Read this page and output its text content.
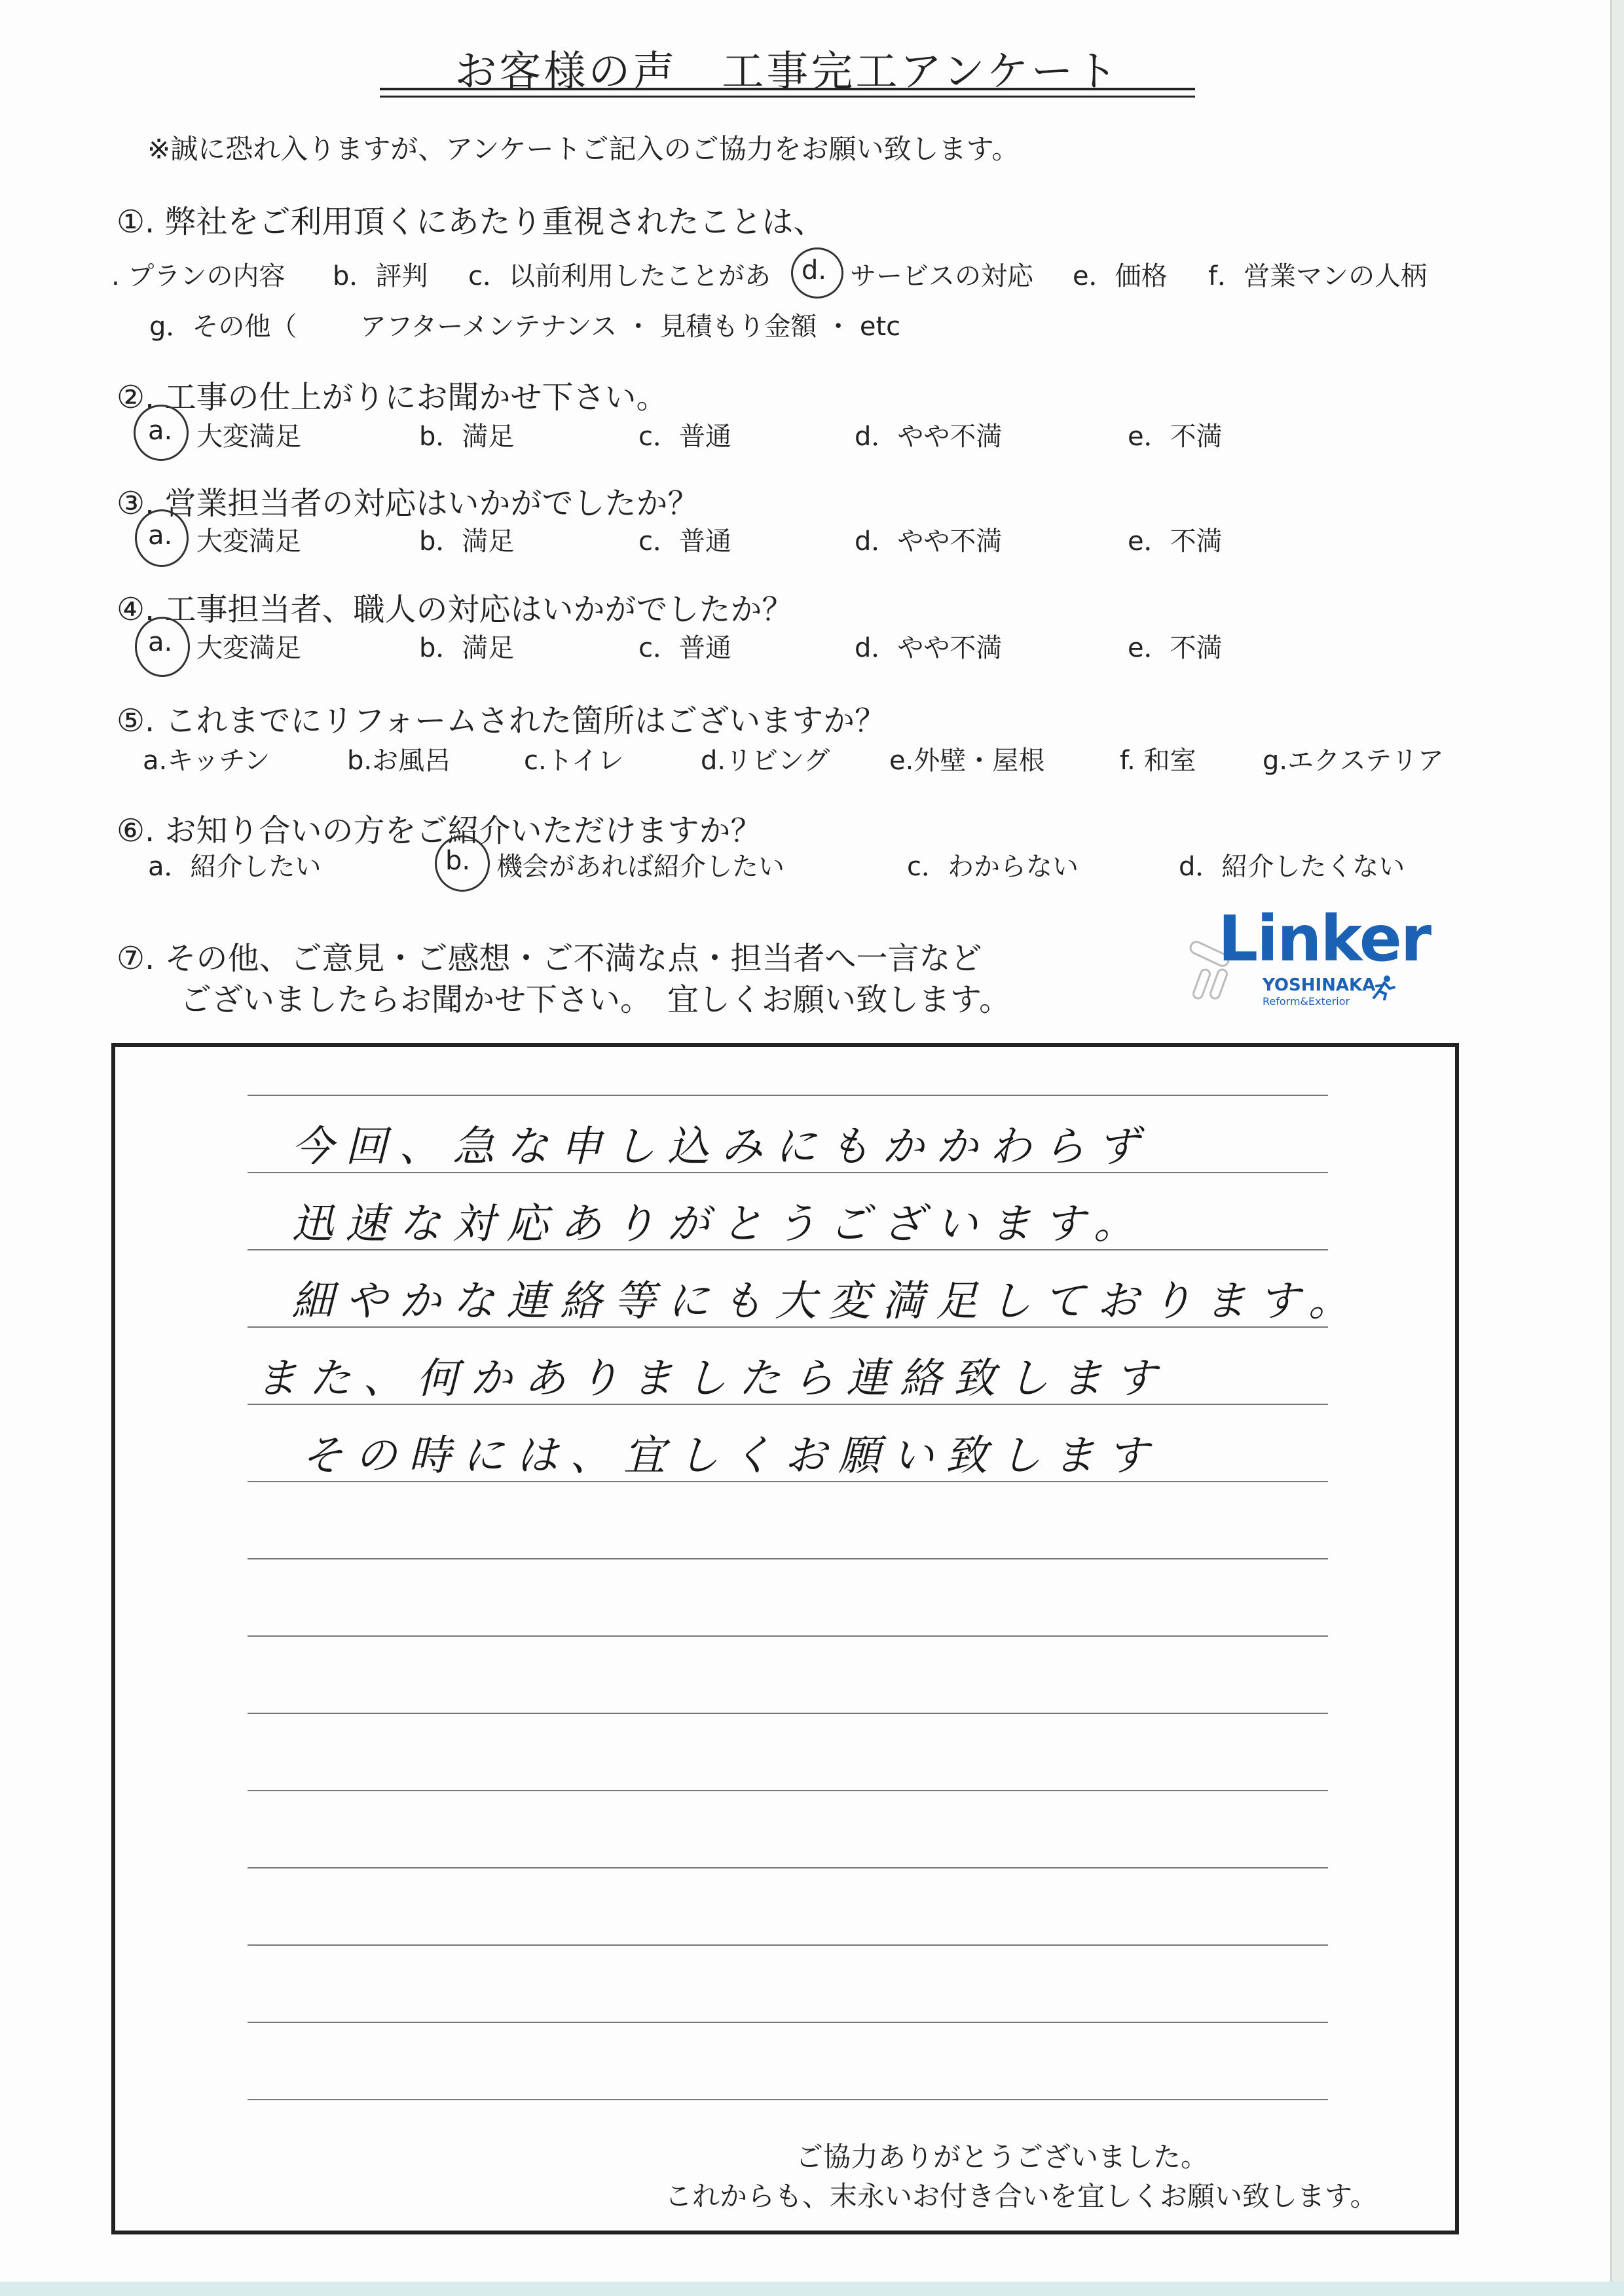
お客様の声　工事完工アンケート
※誠に恐れ入りますが、アンケートご記入のご協力をお願い致します。
①. 弊社をご利用頂くにあたり重視されたことは、
. プランの内容 b．評判 c．以前利用したことがあ d. サービスの対応 e．価格 f．営業マンの人柄
g．その他（ アフターメンテナンス ・ 見積もり金額 ・ etc
②. 工事の仕上がりにお聞かせ下さい。
a. 大変満足	b．満足	c．普通	d．やや不満	e．不満
③. 営業担当者の対応はいかがでしたか？
a. 大変満足	b．満足	c．普通	d．やや不満	e．不満
④. 工事担当者、職人の対応はいかがでしたか？
a. 大変満足	b．満足	c．普通	d．やや不満	e．不満
⑤. これまでにリフォームされた箇所はございますか？
a.キッチン	b.お風呂	c.トイレ	d.リビング e.外壁・屋根	f. 和室	g.エクステリア
⑥. お知り合いの方をご紹介いただけますか？
a．紹介したい	b. 機会があれば紹介したい	c．わからない	d．紹介したくない
⑦. その他、ご意見・ご感想・ご不満な点・担当者へ一言など
ございましたらお聞かせ下さい。　宜しくお願い致します。
Linker
YOSHINAKA
Reform&Exterior
今回、急な申し込みにもかかわらず
迅速な対応ありがとうございます。
細やかな連絡等にも大変満足しております。
また、何かありましたら連絡致します
その時には、宜しくお願い致します
ご協力ありがとうございました。
これからも、末永いお付き合いを宜しくお願い致します。
